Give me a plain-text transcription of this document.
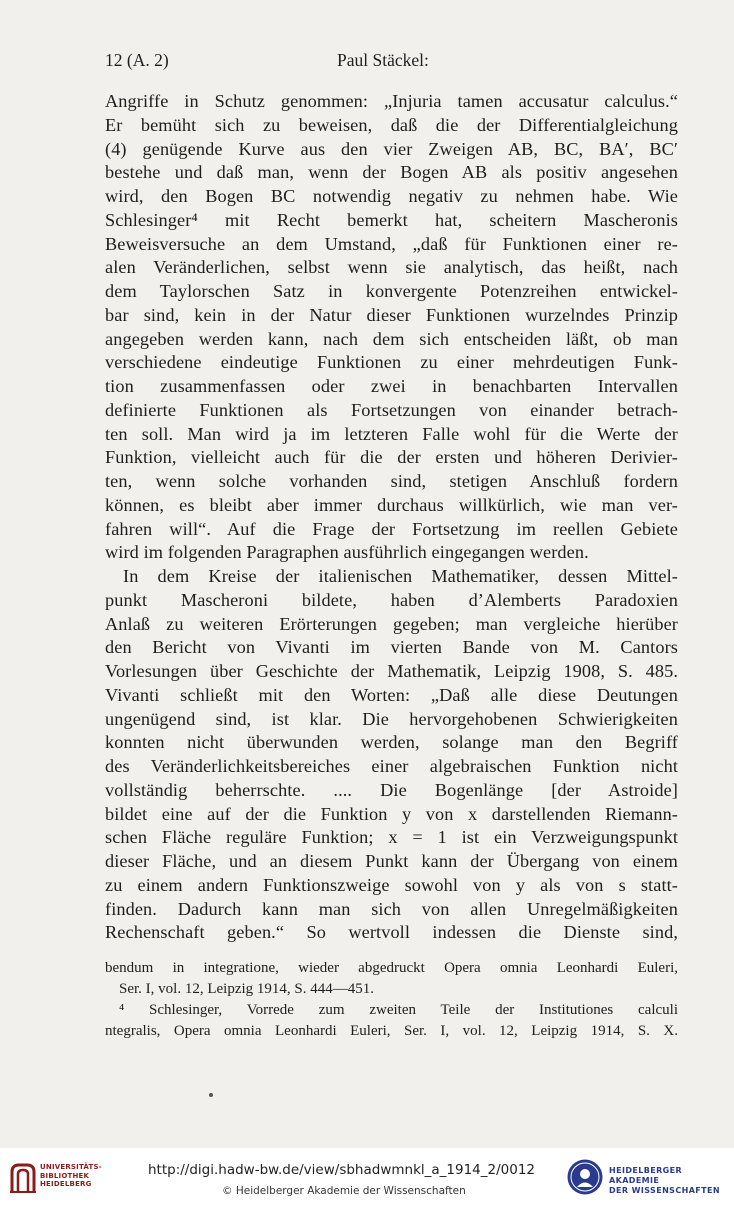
12 (A. 2)	Paul Stäckel:
Angriffe in Schutz genommen: „Injuria tamen accusatur calculus.“
Er bemüht sich zu beweisen, daß die der Differentialgleichung
(4) genügende Kurve aus den vier Zweigen AB, BC, BA′, BC′
bestehe und daß man, wenn der Bogen AB als positiv angesehen
wird, den Bogen BC notwendig negativ zu nehmen habe. Wie
Schlesinger⁴ mit Recht bemerkt hat, scheitern Mascheronis
Beweisversuche an dem Umstand, „daß für Funktionen einer re-
alen Veränderlichen, selbst wenn sie analytisch, das heißt, nach
dem Taylorschen Satz in konvergente Potenzreihen entwickel-
bar sind, kein in der Natur dieser Funktionen wurzelndes Prinzip
angegeben werden kann, nach dem sich entscheiden läßt, ob man
verschiedene eindeutige Funktionen zu einer mehrdeutigen Funk-
tion zusammenfassen oder zwei in benachbarten Intervallen
definierte Funktionen als Fortsetzungen von einander betrach-
ten soll. Man wird ja im letzteren Falle wohl für die Werte der
Funktion, vielleicht auch für die der ersten und höheren Derivier-
ten, wenn solche vorhanden sind, stetigen Anschluß fordern
können, es bleibt aber immer durchaus willkürlich, wie man ver-
fahren will“. Auf die Frage der Fortsetzung im reellen Gebiete
wird im folgenden Paragraphen ausführlich eingegangen werden.
In dem Kreise der italienischen Mathematiker, dessen Mittel-
punkt Mascheroni bildete, haben d’Alemberts Paradoxien
Anlaß zu weiteren Erörterungen gegeben; man vergleiche hierüber
den Bericht von Vivanti im vierten Bande von M. Cantors
Vorlesungen über Geschichte der Mathematik, Leipzig 1908, S. 485.
Vivanti schließt mit den Worten: „Daß alle diese Deutungen
ungenügend sind, ist klar. Die hervorgehobenen Schwierigkeiten
konnten nicht überwunden werden, solange man den Begriff
des Veränderlichkeitsbereiches einer algebraischen Funktion nicht
vollständig beherrschte. .... Die Bogenlänge [der Astroide]
bildet eine auf der die Funktion y von x darstellenden Riemann-
schen Fläche reguläre Funktion; x = 1 ist ein Verzweigungspunkt
dieser Fläche, und an diesem Punkt kann der Übergang von einem
zu einem andern Funktionszweige sowohl von y als von s statt-
finden. Dadurch kann man sich von allen Unregelmäßigkeiten
Rechenschaft geben.“ So wertvoll indessen die Dienste sind,
bendum in integratione, wieder abgedruckt Opera omnia Leonhardi Euleri,
Ser. I, vol. 12, Leipzig 1914, S. 444—451.
⁴ Schlesinger, Vorrede zum zweiten Teile der Institutiones calculi
ntegralis, Opera omnia Leonhardi Euleri, Ser. I, vol. 12, Leipzig 1914, S. X.
UNIVERSITÄTS-
BIBLIOTHEK
HEIDELBERG
http://digi.hadw-bw.de/view/sbhadwmnkl_a_1914_2/0012
© Heidelberger Akademie der Wissenschaften
HEIDELBERGER AKADEMIE
DER WISSENSCHAFTEN
